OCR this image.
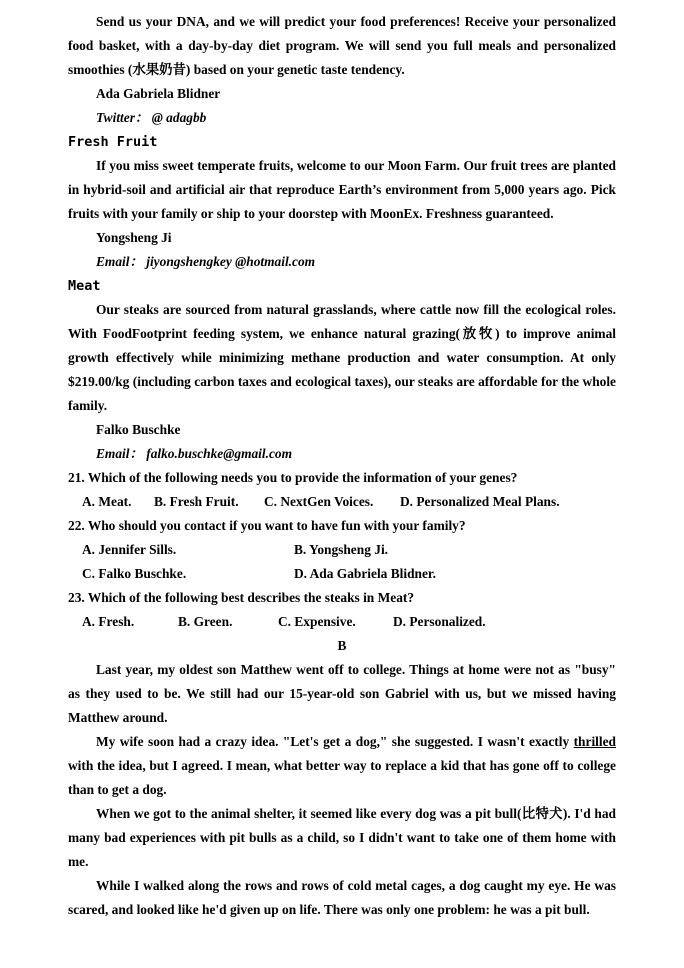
Send us your DNA, and we will predict your food preferences! Receive your personalized food basket, with a day-by-day diet program. We will send you full meals and personalized smoothies (水果奶昔) based on your genetic taste tendency.

Ada Gabriela Blidner

Twitter： @ adagbb

Fresh Fruit

If you miss sweet temperate fruits, welcome to our Moon Farm. Our fruit trees are planted in hybrid-soil and artificial air that reproduce Earth’s environment from 5,000 years ago. Pick fruits with your family or ship to your doorstep with MoonEx. Freshness guaranteed.

Yongsheng Ji

Email： jiyongshengkey @hotmail.com

Meat

Our steaks are sourced from natural grasslands, where cattle now fill the ecological roles. With FoodFootprint feeding system, we enhance natural grazing(放牧) to improve animal growth effectively while minimizing methane production and water consumption. At only $219.00/kg (including carbon taxes and ecological taxes), our steaks are affordable for the whole family.

Falko Buschke

Email： falko.buschke@gmail.com

21. Which of the following needs you to provide the information of your genes?

A. Meat.	B. Fresh Fruit.	C. NextGen Voices.	D. Personalized Meal Plans.

22. Who should you contact if you want to have fun with your family?

A. Jennifer Sills.	B. Yongsheng Ji.
C. Falko Buschke.	D. Ada Gabriela Blidner.

23. Which of the following best describes the steaks in Meat?

A. Fresh.	B. Green.	C. Expensive.	D. Personalized.

B

Last year, my oldest son Matthew went off to college. Things at home were not as "busy" as they used to be. We still had our 15-year-old son Gabriel with us, but we missed having Matthew around.

My wife soon had a crazy idea. "Let's get a dog," she suggested. I wasn't exactly thrilled with the idea, but I agreed. I mean, what better way to replace a kid that has gone off to college than to get a dog.

When we got to the animal shelter, it seemed like every dog was a pit bull(比特犬). I'd had many bad experiences with pit bulls as a child, so I didn't want to take one of them home with me.

While I walked along the rows and rows of cold metal cages, a dog caught my eye. He was scared, and looked like he'd given up on life. There was only one problem: he was a pit bull.
